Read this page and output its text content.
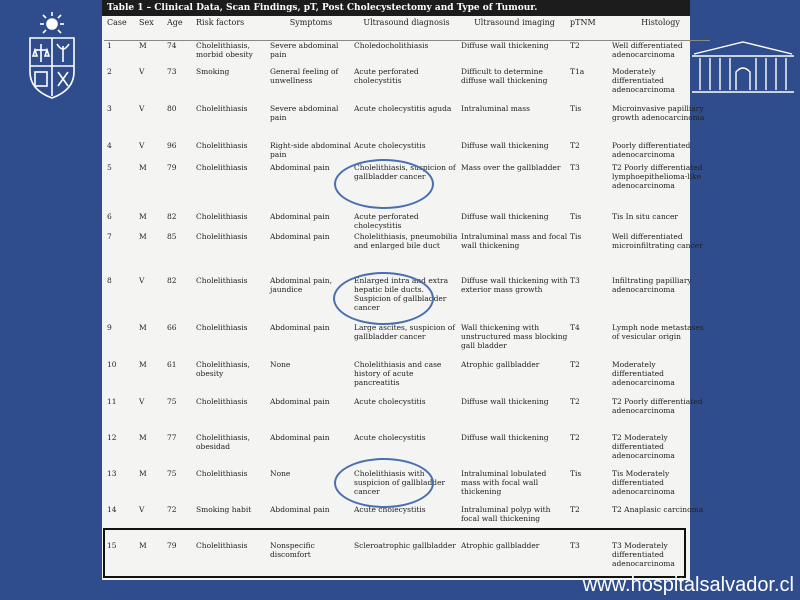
Table 1 – Clinical Data, Scan Findings, pT, Post Cholecystectomy and Type of Tumour.
Case	Sex	Age	Risk factors	Symptoms	Ultrasound diagnosis	Ultrasound imaging	pTNM	Histology
1	M	74	Cholelithiasis, morbid obesity	Severe abdominal pain	Choledocholithiasis	Diffuse wall thickening	T2	Well differentiated adenocarcinoma
2	V	73	Smoking	General feeling of unwellness	Acute perforated cholecystitis	Difficult to determine diffuse wall thickening	T1a	Moderately differentiated adenocarcinoma
3	V	80	Cholelithiasis	Severe abdominal pain	Acute cholecystitis aguda	Intraluminal mass	Tis	Microinvasive papilliary growth adenocarcinoma
4	V	96	Cholelithiasis	Right-side abdominal pain	Acute cholecystitis	Diffuse wall thickening	T2	Poorly differentiated adenocarcinoma
5	M	79	Cholelithiasis	Abdominal pain	Cholelithiasis, suspicion of gallbladder cancer	Mass over the gallbladder	T3	T2 Poorly differentiated lymphoepithelioma-like adenocarcinoma
6	M	82	Cholelithiasis	Abdominal pain	Acute perforated cholecystitis	Diffuse wall thickening	Tis	Tis In situ cancer
7	M	85	Cholelithiasis	Abdominal pain	Cholelithiasis, pneumobilia and enlarged bile duct	Intraluminal mass and focal wall thickening	Tis	Well differentiated microinfiltrating cancer
8	V	82	Cholelithiasis	Abdominal pain, jaundice	Enlarged intra and extra hepatic bile ducts. Suspicion of gallbladder cancer	Diffuse wall thickening with exterior mass growth	T3	Infiltrating papilliary adenocarcinoma
9	M	66	Cholelithiasis	Abdominal pain	Large ascites, suspicion of gallbladder cancer	Wall thickening with unstructured mass blocking gall bladder	T4	Lymph node metastases of vesicular origin
10	M	61	Cholelithiasis, obesity	None	Cholelithiasis and case history of acute pancreatitis	Atrophic gallbladder	T2	Moderately differentiated adenocarcinoma
11	V	75	Cholelithiasis	Abdominal pain	Acute cholecystitis	Diffuse wall thickening	T2	T2 Poorly differentiated adenocarcinoma
12	M	77	Cholelithiasis, obesidad	Abdominal pain	Acute cholecystitis	Diffuse wall thickening	T2	T2 Moderately differentiated adenocarcinoma
13	M	75	Cholelithiasis	None	Cholelithiasis with suspicion of gallbladder cancer	Intraluminal lobulated mass with focal wall thickening	Tis	Tis Moderately differentiated adenocarcinoma
14	V	72	Smoking habit	Abdominal pain	Acute cholecystitis	Intraluminal polyp with focal wall thickening	T2	T2 Anaplasic carcinoma
15	M	79	Cholelithiasis	Nonspecific discomfort	Scleroatrophic gallbladder	Atrophic gallbladder	T3	T3 Moderately differentiated adenocarcinoma
www.hospitalsalvador.cl
